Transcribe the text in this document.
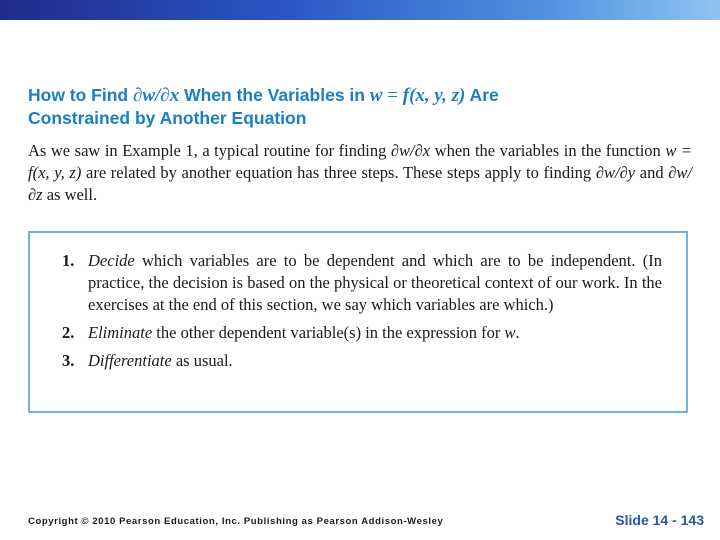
How to Find ∂w/∂x When the Variables in w = f(x, y, z) Are
Constrained by Another Equation
As we saw in Example 1, a typical routine for finding ∂w/∂x when the variables in the function w = f(x, y, z) are related by another equation has three steps. These steps apply to finding ∂w/∂y and ∂w/∂z as well.
1. Decide which variables are to be dependent and which are to be independent. (In practice, the decision is based on the physical or theoretical context of our work. In the exercises at the end of this section, we say which variables are which.)
2. Eliminate the other dependent variable(s) in the expression for w.
3. Differentiate as usual.
Copyright © 2010 Pearson Education, Inc. Publishing as Pearson Addison-Wesley	Slide 14 - 143
